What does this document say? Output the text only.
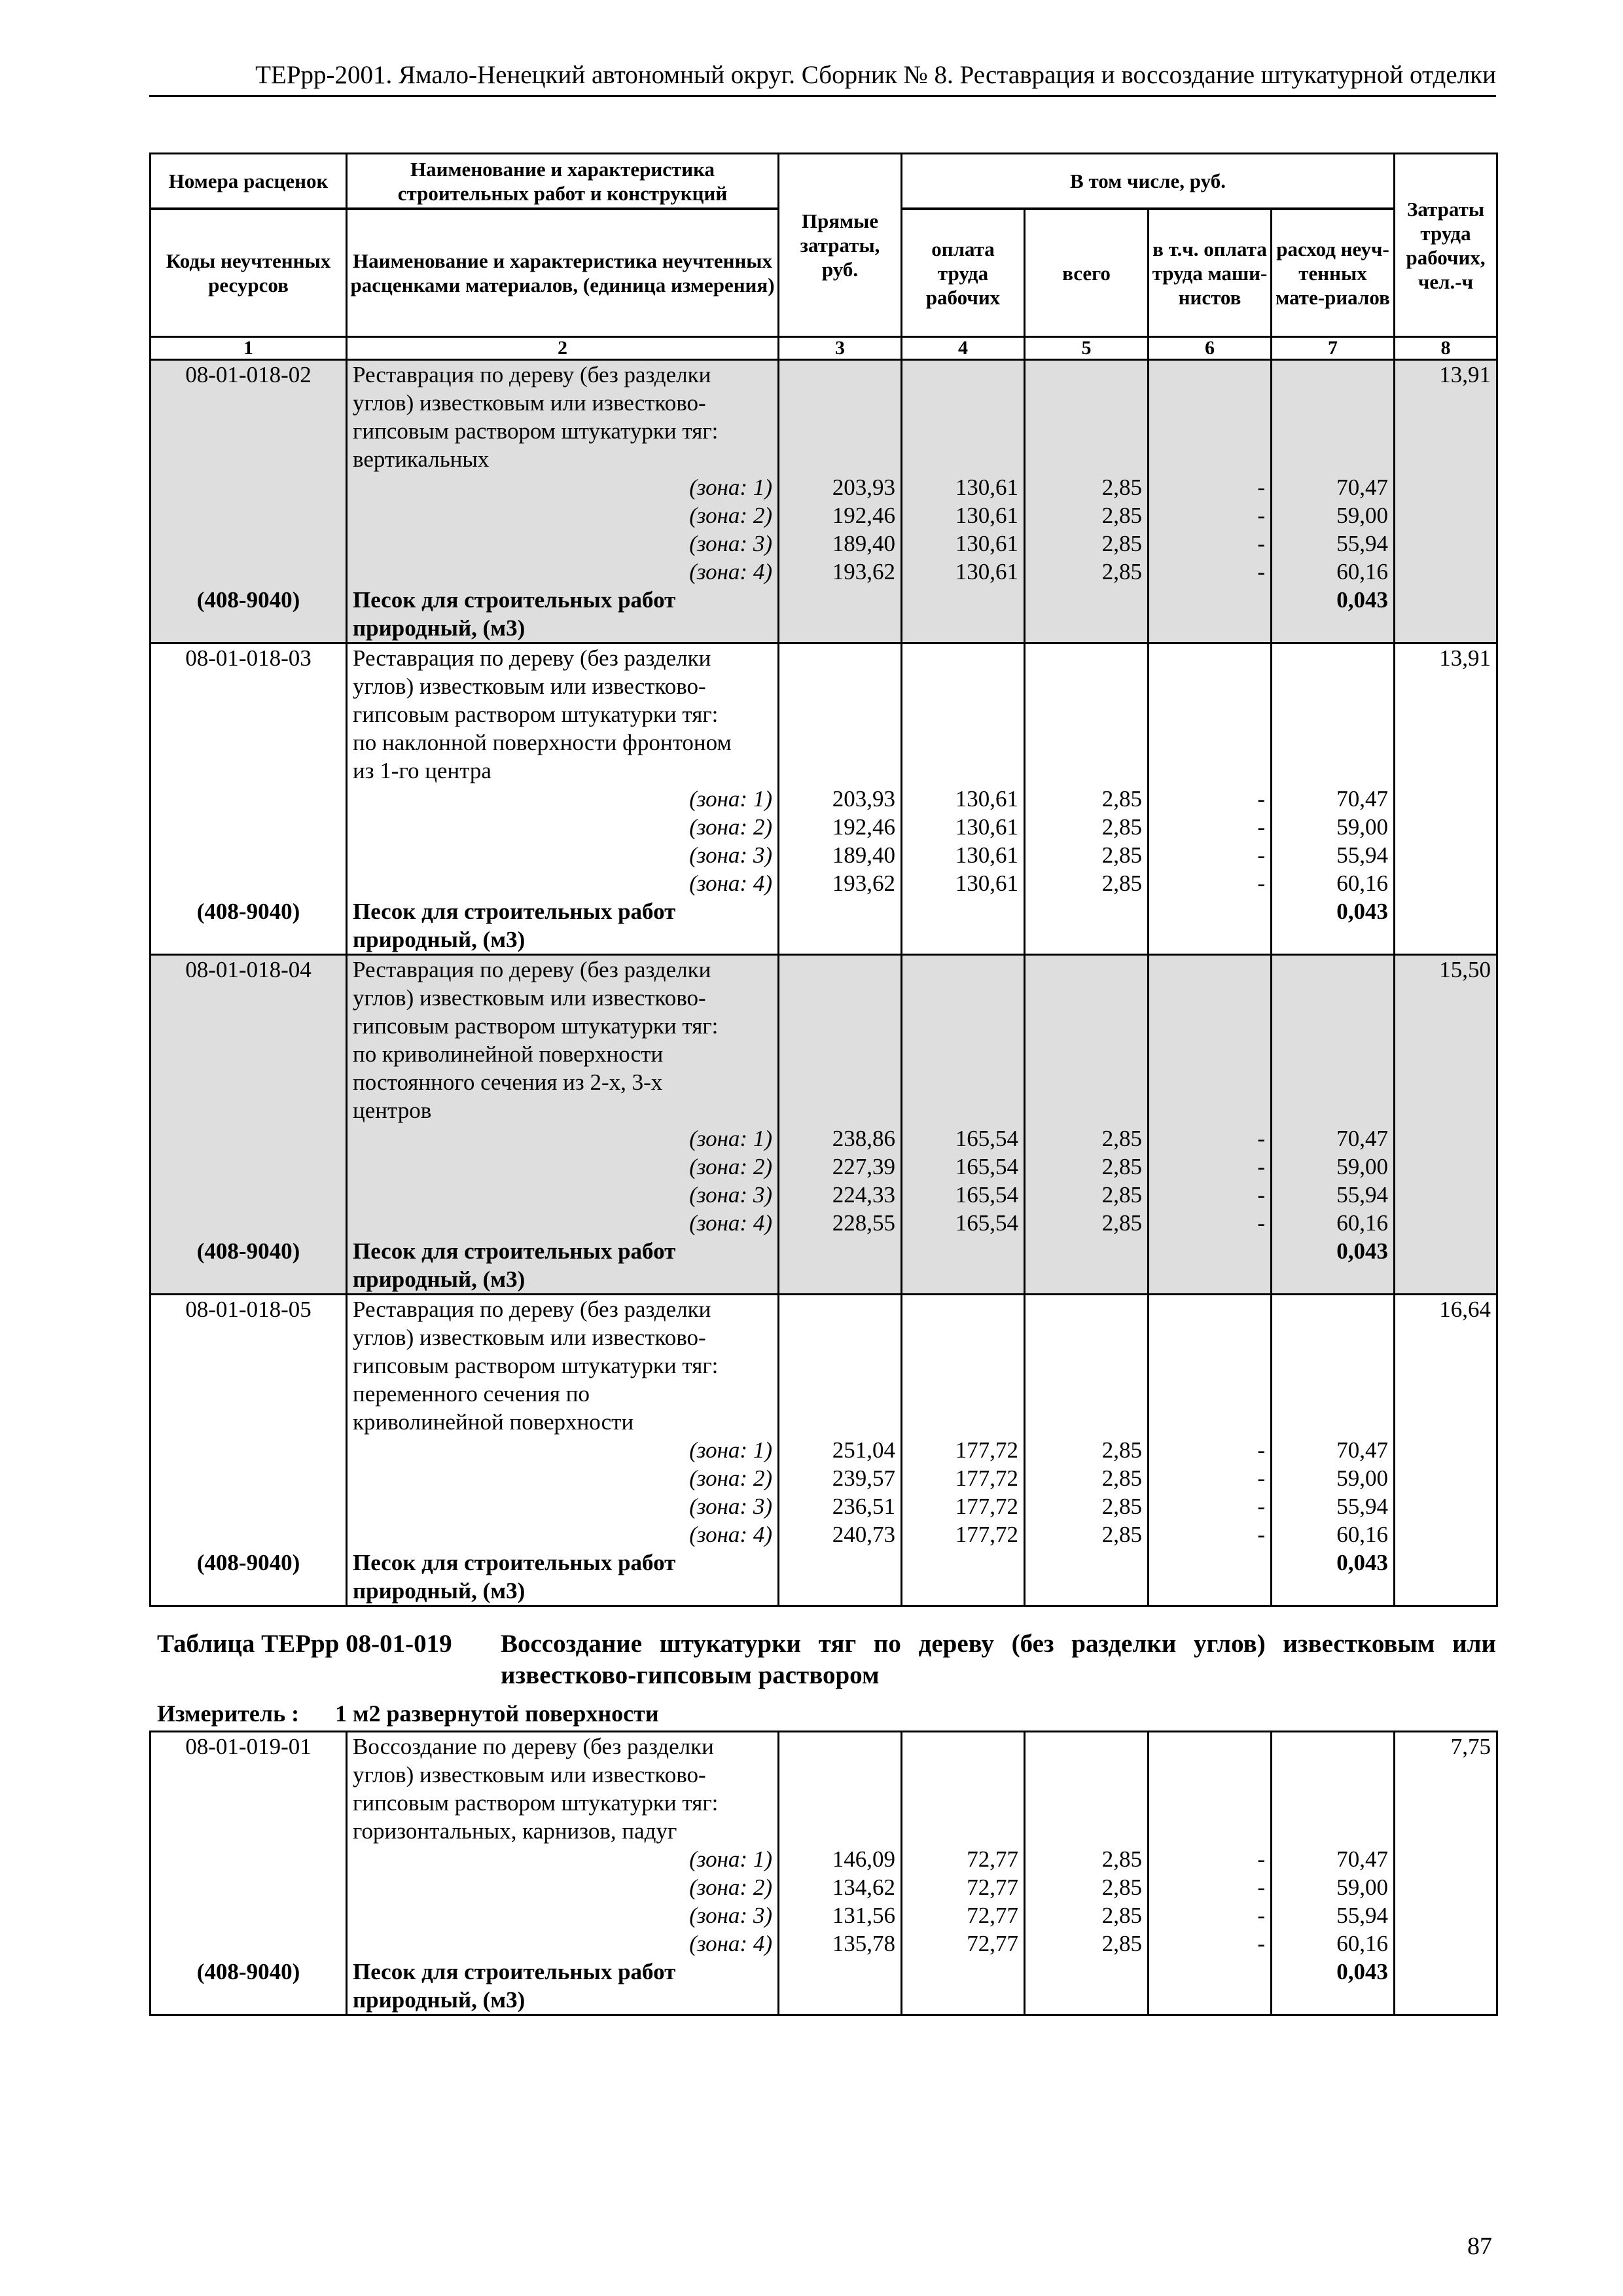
ТЕРрр-2001. Ямало-Ненецкий автономный округ. Сборник № 8. Реставрация и воссоздание штукатурной отделки
Номера расценок	Наименование и характеристика строительных работ и конструкций	Прямые затраты, руб.	В том числе, руб.				Затраты труда рабочих, чел.-ч

Коды неучтенных ресурсов	Наименование и характеристика неучтенных расценками материалов, (единица измерения)		оплата труда рабочих	всего	в т.ч. оплата труда маши-нистов	расход неуч-тенных мате-риалов	
1	2	3	4	5	6	7	8
08-01-018-02	Реставрация по дереву (без разделки						13,91
	углов) известковым или известково-						
	гипсовым раствором штукатурки тяг:						
	вертикальных						
	(зона: 1)	203,93	130,61	2,85	-	70,47	
	(зона: 2)	192,46	130,61	2,85	-	59,00	
	(зона: 3)	189,40	130,61	2,85	-	55,94	
	(зона: 4)	193,62	130,61	2,85	-	60,16	
(408-9040)	Песок для строительных работ					0,043	
	природный, (м3)						
08-01-018-03	Реставрация по дереву (без разделки						13,91
	углов) известковым или известково-						
	гипсовым раствором штукатурки тяг:						
	по наклонной поверхности фронтоном						
	из 1-го центра						
	(зона: 1)	203,93	130,61	2,85	-	70,47	
	(зона: 2)	192,46	130,61	2,85	-	59,00	
	(зона: 3)	189,40	130,61	2,85	-	55,94	
	(зона: 4)	193,62	130,61	2,85	-	60,16	
(408-9040)	Песок для строительных работ					0,043	
	природный, (м3)						
08-01-018-04	Реставрация по дереву (без разделки						15,50
	углов) известковым или известково-						
	гипсовым раствором штукатурки тяг:						
	по криволинейной поверхности						
	постоянного сечения из 2-х, 3-х						
	центров						
	(зона: 1)	238,86	165,54	2,85	-	70,47	
	(зона: 2)	227,39	165,54	2,85	-	59,00	
	(зона: 3)	224,33	165,54	2,85	-	55,94	
	(зона: 4)	228,55	165,54	2,85	-	60,16	
(408-9040)	Песок для строительных работ					0,043	
	природный, (м3)						
08-01-018-05	Реставрация по дереву (без разделки						16,64
	углов) известковым или известково-						
	гипсовым раствором штукатурки тяг:						
	переменного сечения по						
	криволинейной поверхности						
	(зона: 1)	251,04	177,72	2,85	-	70,47	
	(зона: 2)	239,57	177,72	2,85	-	59,00	
	(зона: 3)	236,51	177,72	2,85	-	55,94	
	(зона: 4)	240,73	177,72	2,85	-	60,16	
(408-9040)	Песок для строительных работ					0,043	
	природный, (м3)						
Таблица ТЕРрр 08-01-019 Воссоздание штукатурки тяг по дереву (без разделки углов) известковым или известково-гипсовым раствором
Измеритель : 1 м2 развернутой поверхности
08-01-019-01	Воссоздание по дереву (без разделки						7,75
	углов) известковым или известково-						
	гипсовым раствором штукатурки тяг:						
	горизонтальных, карнизов, падуг						
	(зона: 1)	146,09	72,77	2,85	-	70,47	
	(зона: 2)	134,62	72,77	2,85	-	59,00	
	(зона: 3)	131,56	72,77	2,85	-	55,94	
	(зона: 4)	135,78	72,77	2,85	-	60,16	
(408-9040)	Песок для строительных работ					0,043	
	природный, (м3)						
87
